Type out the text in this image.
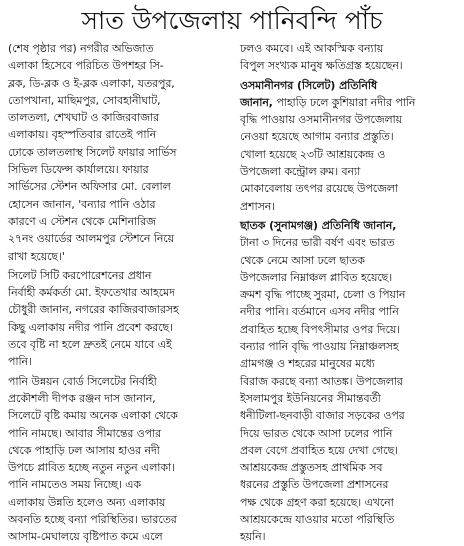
সাত উপজেলায় পানিবন্দি পাঁচ
(শেষ পৃষ্ঠার পর) নগরীর অভিজাত
এলাকা হিসেবে পরিচিত উপশহর সি-
ব্লক, ডি-ব্লক ও ই-ব্লক এলাকা, যতরপুর,
তোপখানা, মাছিমপুর, সোবহানীঘাট,
তালতলা, শেখঘাট ও কাজিরবাজার
এলাকায়। বৃহস্পতিবার রাতেই পানি
ঢোকে তালতলাস্থ সিলেট ফায়ার সার্ভিস
সিভিল ডিফেন্স কার্যালয়ে। ফায়ার
সার্ভিসের স্টেশন অফিসার মো. বেলাল
হোসেন জানান, 'বন্যার পানি ওঠার
কারণে এ স্টেশন থেকে মেশিনারিজ
২৭নং ওয়ার্ডের আলমপুর স্টেশনে নিয়ে
রাখা হয়েছে।'
সিলেট সিটি করপোরেশনের প্রধান
নির্বাহী কর্মকর্তা মো. ইফতেখার আহমেদ
চৌধুরী জানান, নগরের কাজিরবাজারসহ
কিছু এলাকায় নদীর পানি প্রবেশ করছে।
তবে বৃষ্টি না হলে দ্রুতই নেমে যাবে এই
পানি।
পানি উন্নয়ন বোর্ড সিলেটের নির্বাহী
প্রকৌশলী দীপক রঞ্জন দাস জানান,
সিলেটে বৃষ্টি কমায় অনেক এলাকা থেকে
পানি নামছে। আবার সীমান্তের ওপার
থেকে পাহাড়ি ঢল আসায় হাওর নদী
উপচে প্লাবিত হচ্ছে নতুন নতুন এলাকা।
পানি নামতেও সময় নিচ্ছে। এক
এলাকায় উন্নতি হলেও অন্য এলাকায়
অবনতি হচ্ছে বন্যা পরিস্থিতির। ভারতের
আসাম-মেঘালয়ে বৃষ্টিপাত কমে এলে
ঢলও কমবে। এই আকস্মিক বন্যায়
বিপুল সংখ্যক মানুষ ক্ষতিগ্রস্ত হয়েছেন।
ওসমানীনগর (সিলেট) প্রতিনিধি
জানান, পাহাড়ি ঢলে কুশিয়ারা নদীর পানি
বৃদ্ধি পাওয়ায় ওসমানীনগর উপজেলায়
নেওয়া হয়েছে আগাম বন্যার প্রস্তুতি।
খোলা হয়েছে ২৩টি আশ্রয়কেন্দ্র ও
উপজেলা কন্ট্রোল রুম। বন্যা
মোকাবেলায় তৎপর রয়েছে উপজেলা
প্রশাসন।
ছাতক (সুনামগঞ্জ) প্রতিনিধি জানান,
টানা ৩ দিনের ভারী বর্ষণ এবং ভারত
থেকে নেমে আসা ঢলে ছাতক
উপজেলার নিম্নাঞ্চল প্লাবিত হয়েছে।
ক্রমশ বৃদ্ধি পাচ্ছে সুরমা, চেলা ও পিয়ান
নদীর পানি। বর্তমানে এসব নদীর পানি
প্রবাহিত হচ্ছে বিপৎসীমার ওপর দিয়ে।
বন্যার পানি বৃদ্ধি পাওয়ায় নিম্নাঞ্চলসহ
গ্রামগঞ্জ ও শহরের মানুষের মধ্যে
বিরাজ করছে বন্যা আতঙ্ক। উপজেলার
ইসলামপুর ইউনিয়নের সীমান্তবর্তী
ধনীটিলা-ছনবাড়ী বাজার সড়কের ওপর
দিয়ে ভারত থেকে আসা ঢলের পানি
প্রবল বেগে প্রবাহিত হয়ে দেখা গেছে।
আশ্রয়কেন্দ্র প্রস্তুতসহ প্রাথমিক সব
ধরনের প্রস্তুতি উপজেলা প্রশাসনের
পক্ষ থেকে গ্রহণ করা হয়েছে। এখনো
আশ্রয়কেন্দ্রে যাওয়ার মতো পরিস্থিতি
হয়নি।
